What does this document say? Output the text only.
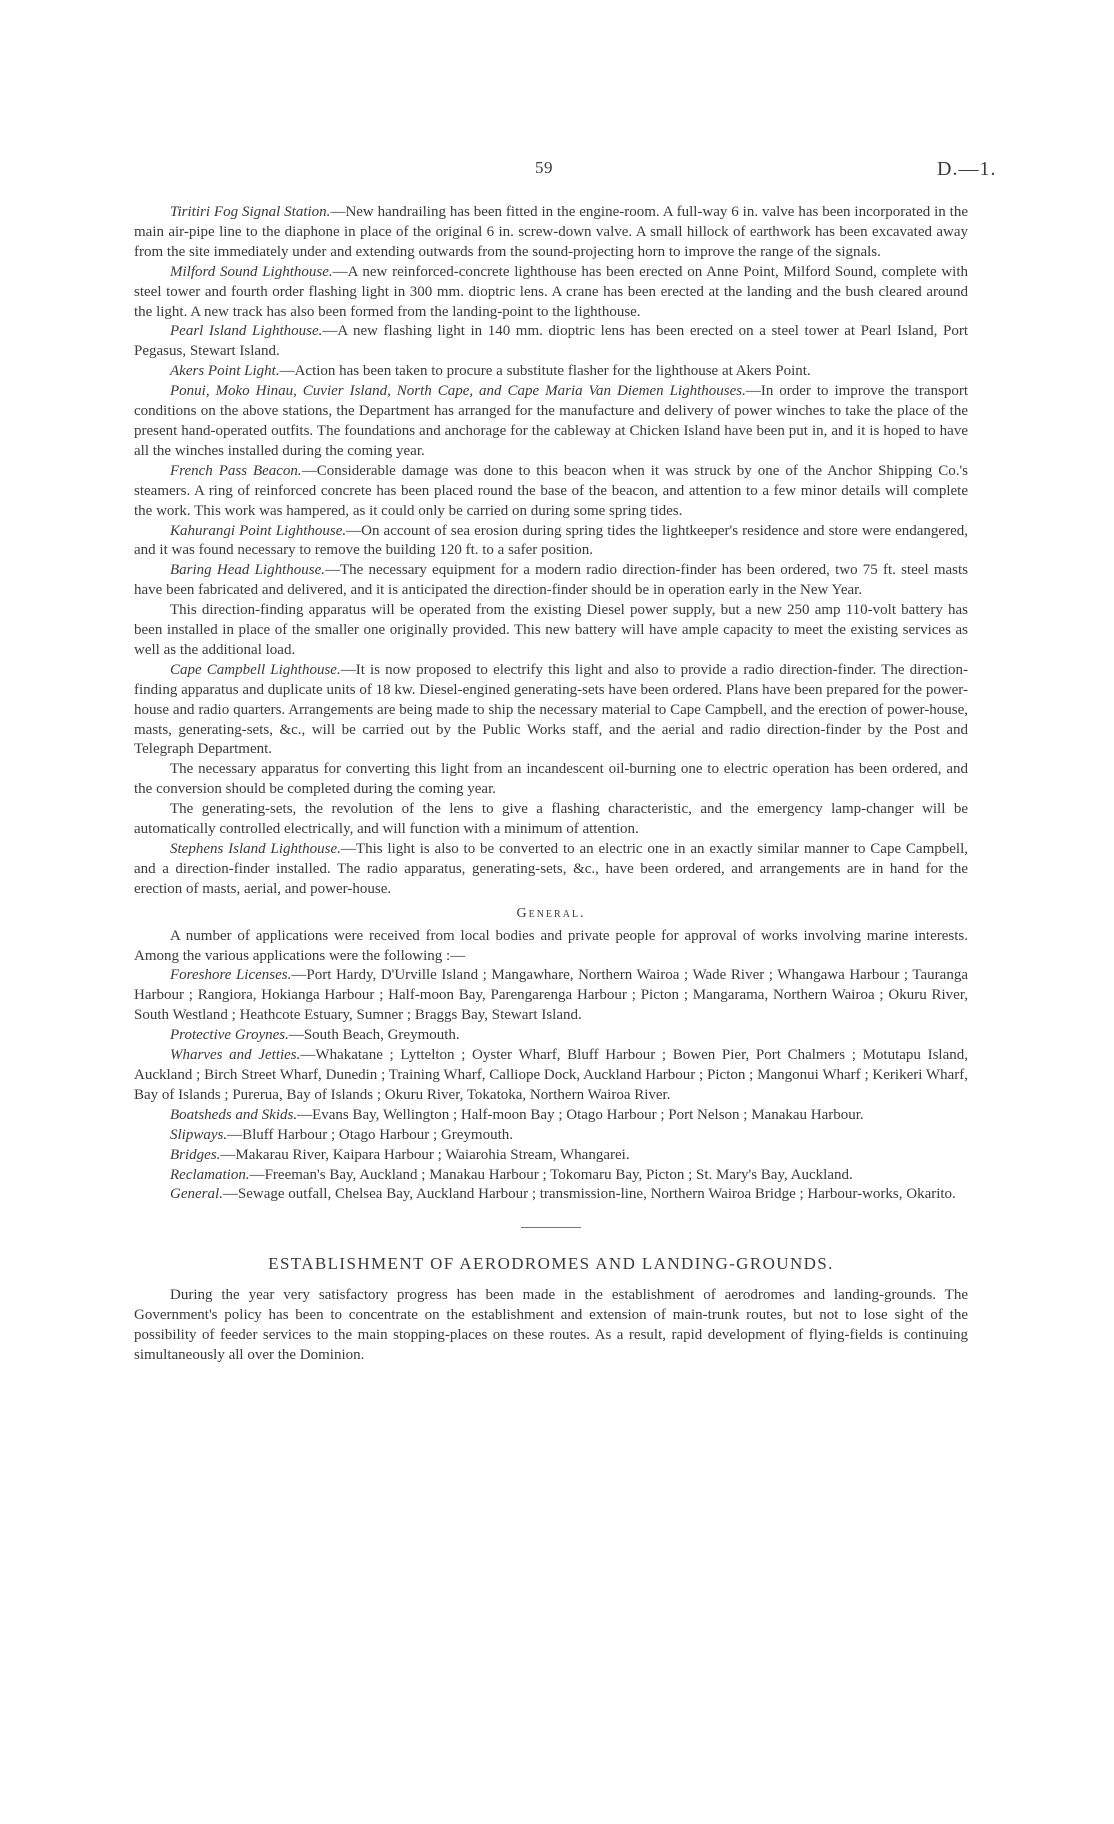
59	D.—1.

Tiritiri Fog Signal Station.—New handrailing has been fitted in the engine-room. A full-way 6 in. valve has been incorporated in the main air-pipe line to the diaphone in place of the original 6 in. screw-down valve. A small hillock of earthwork has been excavated away from the site immediately under and extending outwards from the sound-projecting horn to improve the range of the signals.

Milford Sound Lighthouse.—A new reinforced-concrete lighthouse has been erected on Anne Point, Milford Sound, complete with steel tower and fourth order flashing light in 300 mm. dioptric lens. A crane has been erected at the landing and the bush cleared around the light. A new track has also been formed from the landing-point to the lighthouse.

Pearl Island Lighthouse.—A new flashing light in 140 mm. dioptric lens has been erected on a steel tower at Pearl Island, Port Pegasus, Stewart Island.

Akers Point Light.—Action has been taken to procure a substitute flasher for the lighthouse at Akers Point.

Ponui, Moko Hinau, Cuvier Island, North Cape, and Cape Maria Van Diemen Lighthouses.—In order to improve the transport conditions on the above stations, the Department has arranged for the manufacture and delivery of power winches to take the place of the present hand-operated outfits. The foundations and anchorage for the cableway at Chicken Island have been put in, and it is hoped to have all the winches installed during the coming year.

French Pass Beacon.—Considerable damage was done to this beacon when it was struck by one of the Anchor Shipping Co.'s steamers. A ring of reinforced concrete has been placed round the base of the beacon, and attention to a few minor details will complete the work. This work was hampered, as it could only be carried on during some spring tides.

Kahurangi Point Lighthouse.—On account of sea erosion during spring tides the lightkeeper's residence and store were endangered, and it was found necessary to remove the building 120 ft. to a safer position.

Baring Head Lighthouse.—The necessary equipment for a modern radio direction-finder has been ordered, two 75 ft. steel masts have been fabricated and delivered, and it is anticipated the direction-finder should be in operation early in the New Year.

This direction-finding apparatus will be operated from the existing Diesel power supply, but a new 250 amp 110-volt battery has been installed in place of the smaller one originally provided. This new battery will have ample capacity to meet the existing services as well as the additional load.

Cape Campbell Lighthouse.—It is now proposed to electrify this light and also to provide a radio direction-finder. The direction-finding apparatus and duplicate units of 18 kw. Diesel-engined generating-sets have been ordered. Plans have been prepared for the power-house and radio quarters. Arrangements are being made to ship the necessary material to Cape Campbell, and the erection of power-house, masts, generating-sets, &c., will be carried out by the Public Works staff, and the aerial and radio direction-finder by the Post and Telegraph Department.

The necessary apparatus for converting this light from an incandescent oil-burning one to electric operation has been ordered, and the conversion should be completed during the coming year.

The generating-sets, the revolution of the lens to give a flashing characteristic, and the emergency lamp-changer will be automatically controlled electrically, and will function with a minimum of attention.

Stephens Island Lighthouse.—This light is also to be converted to an electric one in an exactly similar manner to Cape Campbell, and a direction-finder installed. The radio apparatus, generating-sets, &c., have been ordered, and arrangements are in hand for the erection of masts, aerial, and power-house.

General.

A number of applications were received from local bodies and private people for approval of works involving marine interests. Among the various applications were the following :—

Foreshore Licenses.—Port Hardy, D'Urville Island ; Mangawhare, Northern Wairoa ; Wade River ; Whangawa Harbour ; Tauranga Harbour ; Rangiora, Hokianga Harbour ; Half-moon Bay, Parengarenga Harbour ; Picton ; Mangarama, Northern Wairoa ; Okuru River, South Westland ; Heathcote Estuary, Sumner ; Braggs Bay, Stewart Island.

Protective Groynes.—South Beach, Greymouth.

Wharves and Jetties.—Whakatane ; Lyttelton ; Oyster Wharf, Bluff Harbour ; Bowen Pier, Port Chalmers ; Motutapu Island, Auckland ; Birch Street Wharf, Dunedin ; Training Wharf, Calliope Dock, Auckland Harbour ; Picton ; Mangonui Wharf ; Kerikeri Wharf, Bay of Islands ; Purerua, Bay of Islands ; Okuru River, Tokatoka, Northern Wairoa River.

Boatsheds and Skids.—Evans Bay, Wellington ; Half-moon Bay ; Otago Harbour ; Port Nelson ; Manakau Harbour.

Slipways.—Bluff Harbour ; Otago Harbour ; Greymouth.

Bridges.—Makarau River, Kaipara Harbour ; Waiarohia Stream, Whangarei.

Reclamation.—Freeman's Bay, Auckland ; Manakau Harbour ; Tokomaru Bay, Picton ; St. Mary's Bay, Auckland.

General.—Sewage outfall, Chelsea Bay, Auckland Harbour ; transmission-line, Northern Wairoa Bridge ; Harbour-works, Okarito.

ESTABLISHMENT OF AERODROMES AND LANDING-GROUNDS.

During the year very satisfactory progress has been made in the establishment of aerodromes and landing-grounds. The Government's policy has been to concentrate on the establishment and extension of main-trunk routes, but not to lose sight of the possibility of feeder services to the main stopping-places on these routes. As a result, rapid development of flying-fields is continuing simultaneously all over the Dominion.
